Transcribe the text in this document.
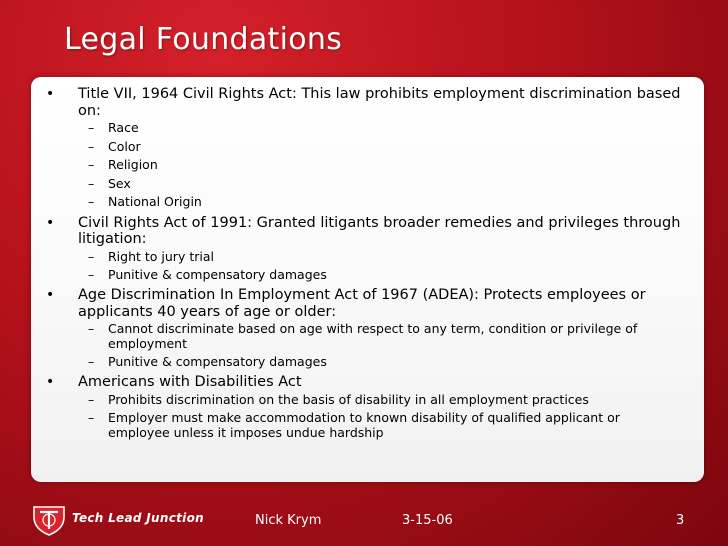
Legal Foundations
• Title VII, 1964 Civil Rights Act: This law prohibits employment discrimination based on:
– Race
– Color
– Religion
– Sex
– National Origin
• Civil Rights Act of 1991: Granted litigants broader remedies and privileges through litigation:
– Right to jury trial
– Punitive & compensatory damages
• Age Discrimination In Employment Act of 1967 (ADEA): Protects employees or applicants 40 years of age or older:
– Cannot discriminate based on age with respect to any term, condition or privilege of employment
– Punitive & compensatory damages
• Americans with Disabilities Act
– Prohibits discrimination on the basis of disability in all employment practices
– Employer must make accommodation to known disability of qualified applicant or employee unless it imposes undue hardship
Tech Lead Junction	Nick Krym	3-15-06	3
